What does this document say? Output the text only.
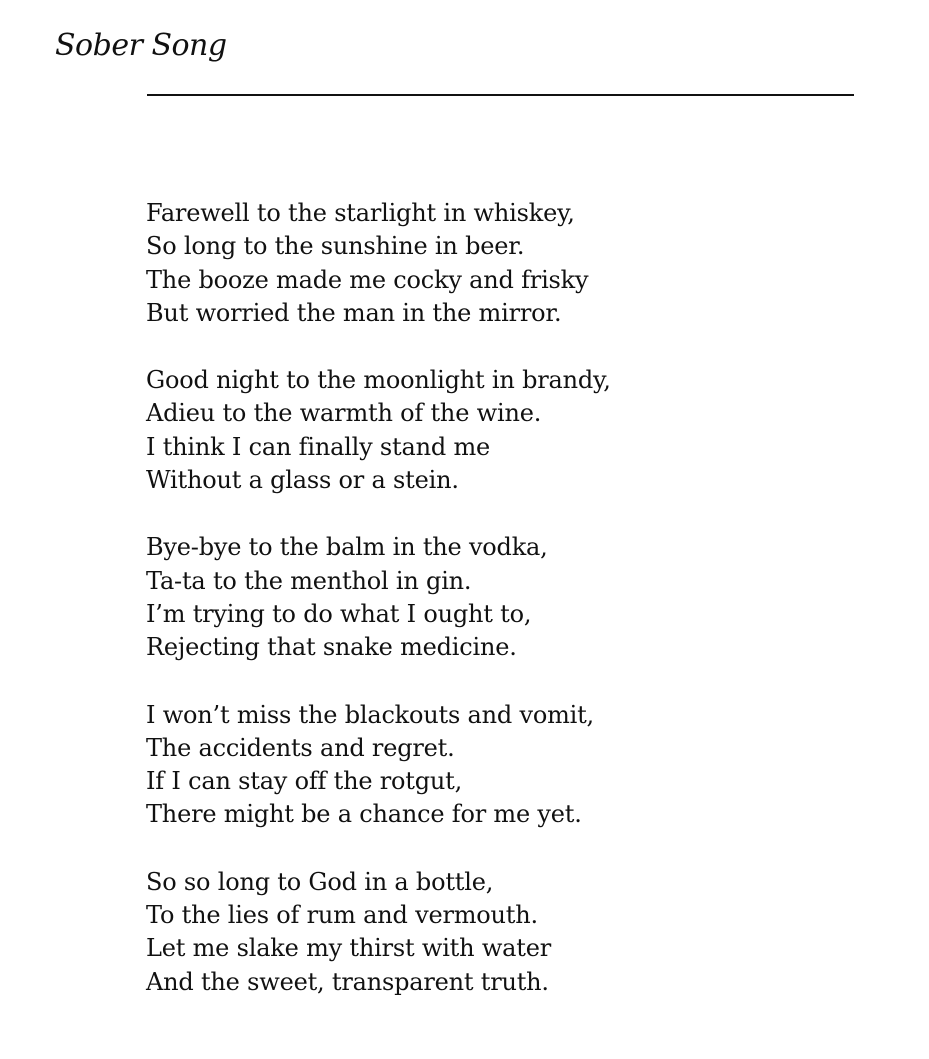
Sober Song
Farewell to the starlight in whiskey,
So long to the sunshine in beer.
The booze made me cocky and frisky
But worried the man in the mirror.
Good night to the moonlight in brandy,
Adieu to the warmth of the wine.
I think I can finally stand me
Without a glass or a stein.
Bye-bye to the balm in the vodka,
Ta-ta to the menthol in gin.
I’m trying to do what I ought to,
Rejecting that snake medicine.
I won’t miss the blackouts and vomit,
The accidents and regret.
If I can stay off the rotgut,
There might be a chance for me yet.
So so long to God in a bottle,
To the lies of rum and vermouth.
Let me slake my thirst with water
And the sweet, transparent truth.
